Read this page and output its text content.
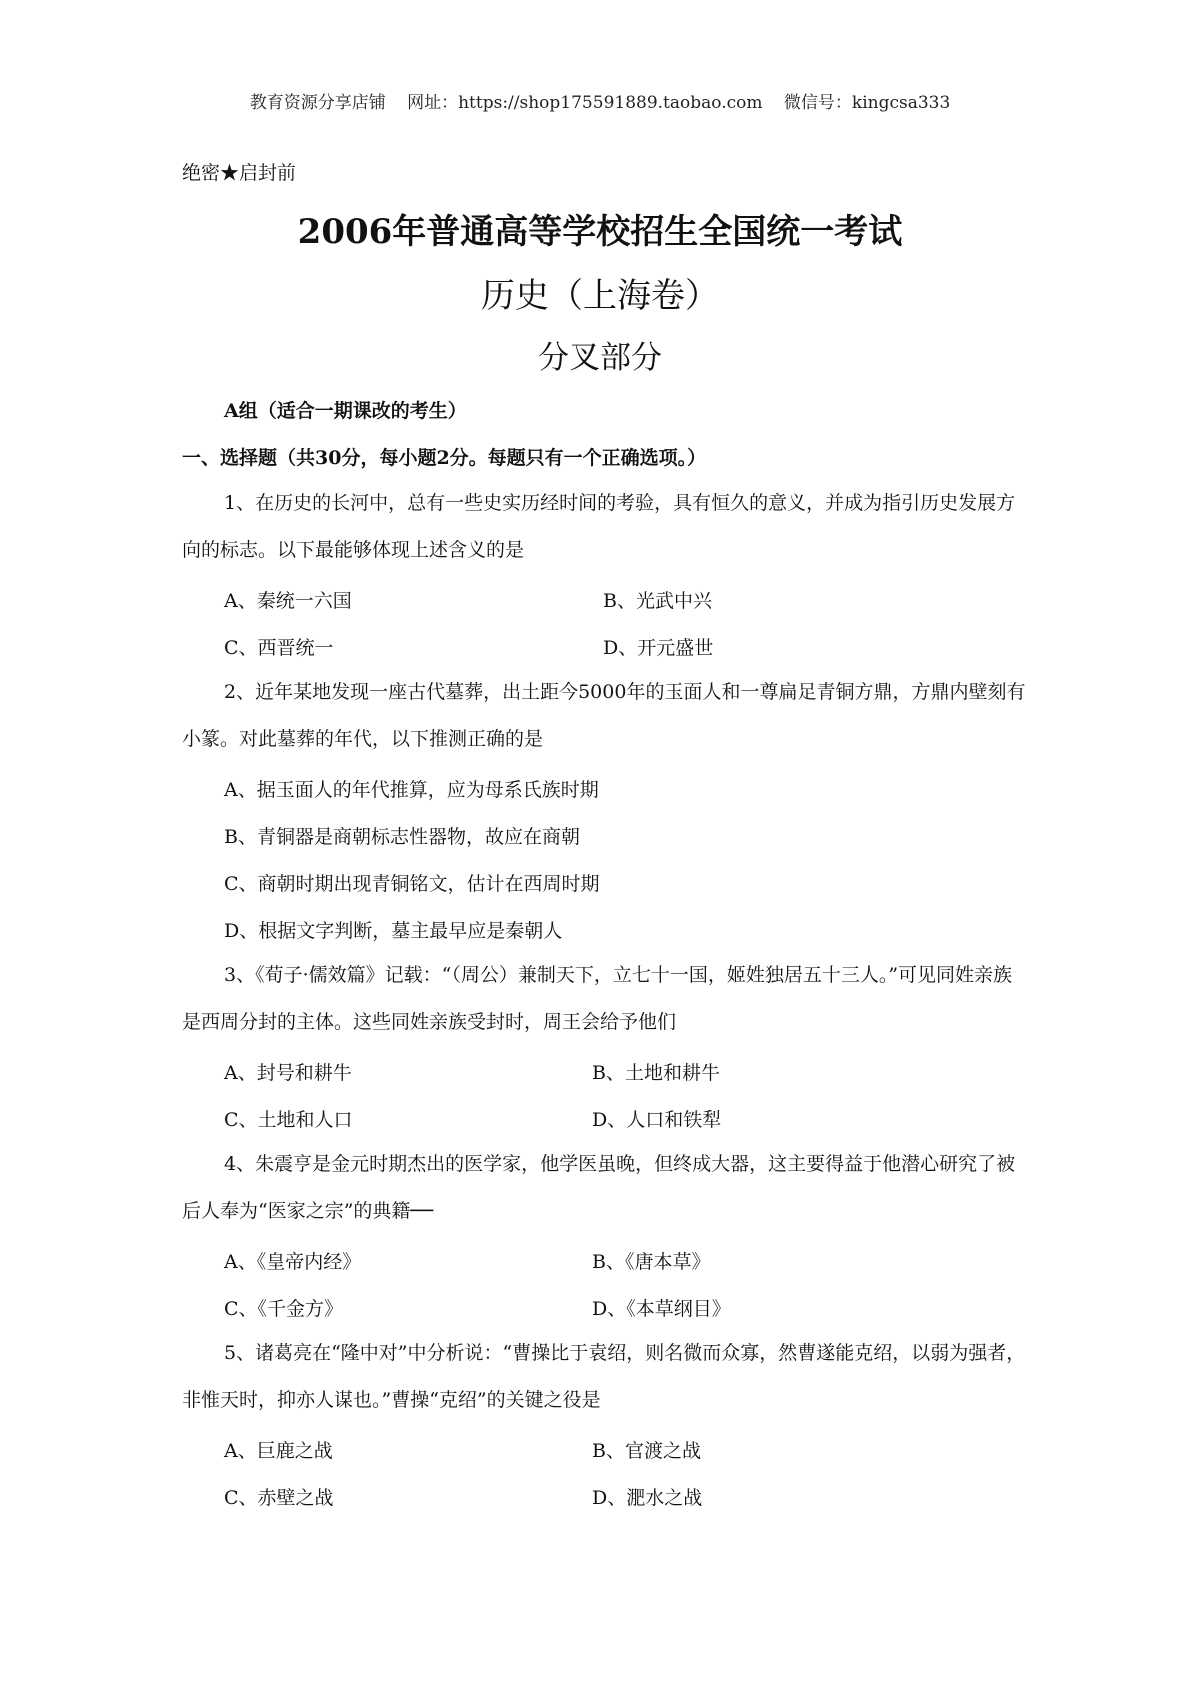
教育资源分享店铺 网址：https://shop175591889.taobao.com 微信号：kingcsa333
绝密★启封前
2006年普通高等学校招生全国统一考试
历史（上海卷）
分叉部分
A组（适合一期课改的考生）
一、选择题（共30分，每小题2分。每题只有一个正确选项。）
1、在历史的长河中，总有一些史实历经时间的考验，具有恒久的意义，并成为指引历史发展方向的标志。以下最能够体现上述含义的是
A、秦统一六国	B、光武中兴
C、西晋统一	D、开元盛世
2、近年某地发现一座古代墓葬，出土距今5000年的玉面人和一尊扁足青铜方鼎，方鼎内壁刻有小篆。对此墓葬的年代，以下推测正确的是
A、据玉面人的年代推算，应为母系氏族时期
B、青铜器是商朝标志性器物，故应在商朝
C、商朝时期出现青铜铭文，估计在西周时期
D、根据文字判断，墓主最早应是秦朝人
3、《荀子·儒效篇》记载：“（周公）兼制天下，立七十一国，姬姓独居五十三人。”可见同姓亲族是西周分封的主体。这些同姓亲族受封时，周王会给予他们
A、封号和耕牛	B、土地和耕牛
C、土地和人口	D、人口和铁犁
4、朱震亨是金元时期杰出的医学家，他学医虽晚，但终成大器，这主要得益于他潜心研究了被后人奉为“医家之宗”的典籍──
A、《皇帝内经》	B、《唐本草》
C、《千金方》	D、《本草纲目》
5、诸葛亮在“隆中对”中分析说：“曹操比于袁绍，则名微而众寡，然曹遂能克绍，以弱为强者，非惟天时，抑亦人谋也。”曹操“克绍”的关键之役是
A、巨鹿之战	B、官渡之战
C、赤壁之战	D、淝水之战
